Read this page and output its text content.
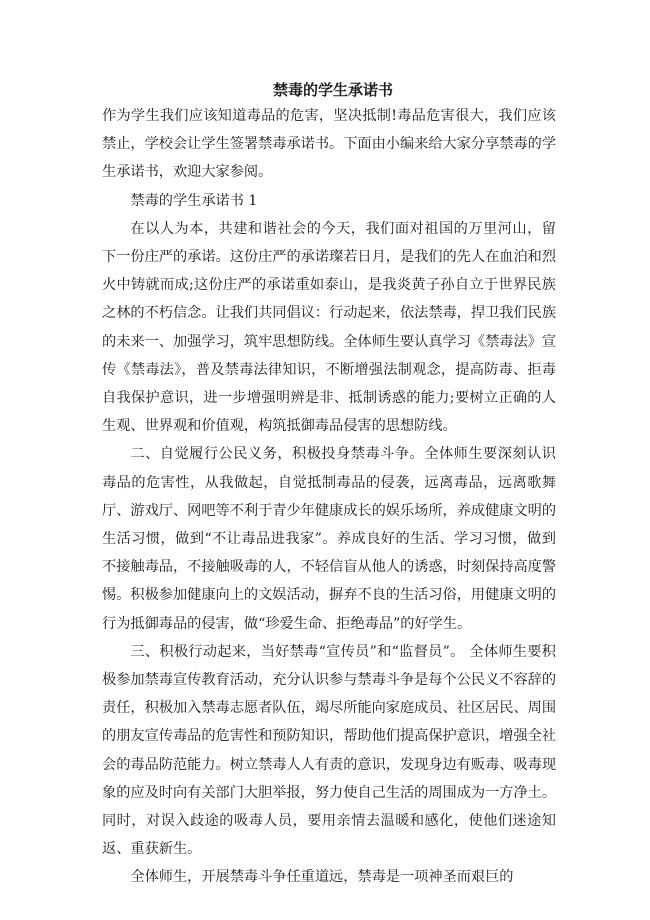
禁毒的学生承诺书

作为学生我们应该知道毒品的危害，坚决抵制!毒品危害很大，我们应该禁止，学校会让学生签署禁毒承诺书。下面由小编来给大家分享禁毒的学生承诺书，欢迎大家参阅。

禁毒的学生承诺书 1

在以人为本，共建和谐社会的今天，我们面对祖国的万里河山，留下一份庄严的承诺。这份庄严的承诺璨若日月，是我们的先人在血泊和烈火中铸就而成;这份庄严的承诺重如泰山，是我炎黄子孙自立于世界民族之林的不朽信念。让我们共同倡议：行动起来，依法禁毒，捍卫我们民族的未来一、加强学习，筑牢思想防线。全体师生要认真学习《禁毒法》宣传《禁毒法》，普及禁毒法律知识，不断增强法制观念，提高防毒、拒毒自我保护意识，进一步增强明辨是非、抵制诱惑的能力;要树立正确的人生观、世界观和价值观，构筑抵御毒品侵害的思想防线。

二、自觉履行公民义务，积极投身禁毒斗争。全体师生要深刻认识毒品的危害性，从我做起，自觉抵制毒品的侵袭，远离毒品，远离歌舞厅、游戏厅、网吧等不利于青少年健康成长的娱乐场所，养成健康文明的生活习惯，做到“不让毒品进我家”。养成良好的生活、学习习惯，做到不接触毒品，不接触吸毒的人，不轻信盲从他人的诱惑，时刻保持高度警惕。积极参加健康向上的文娱活动，摒弃不良的生活习俗，用健康文明的行为抵御毒品的侵害，做“珍爱生命、拒绝毒品”的好学生。

三、积极行动起来，当好禁毒“宣传员”和“监督员”。 全体师生要积极参加禁毒宣传教育活动，充分认识参与禁毒斗争是每个公民义不容辞的责任，积极加入禁毒志愿者队伍，竭尽所能向家庭成员、社区居民、周围的朋友宣传毒品的危害性和预防知识，帮助他们提高保护意识，增强全社会的毒品防范能力。树立禁毒人人有责的意识，发现身边有贩毒、吸毒现象的应及时向有关部门大胆举报，努力使自己生活的周围成为一方净土。同时，对误入歧途的吸毒人员，要用亲情去温暖和感化，使他们迷途知返、重获新生。

全体师生，开展禁毒斗争任重道远，禁毒是一项神圣而艰巨的
